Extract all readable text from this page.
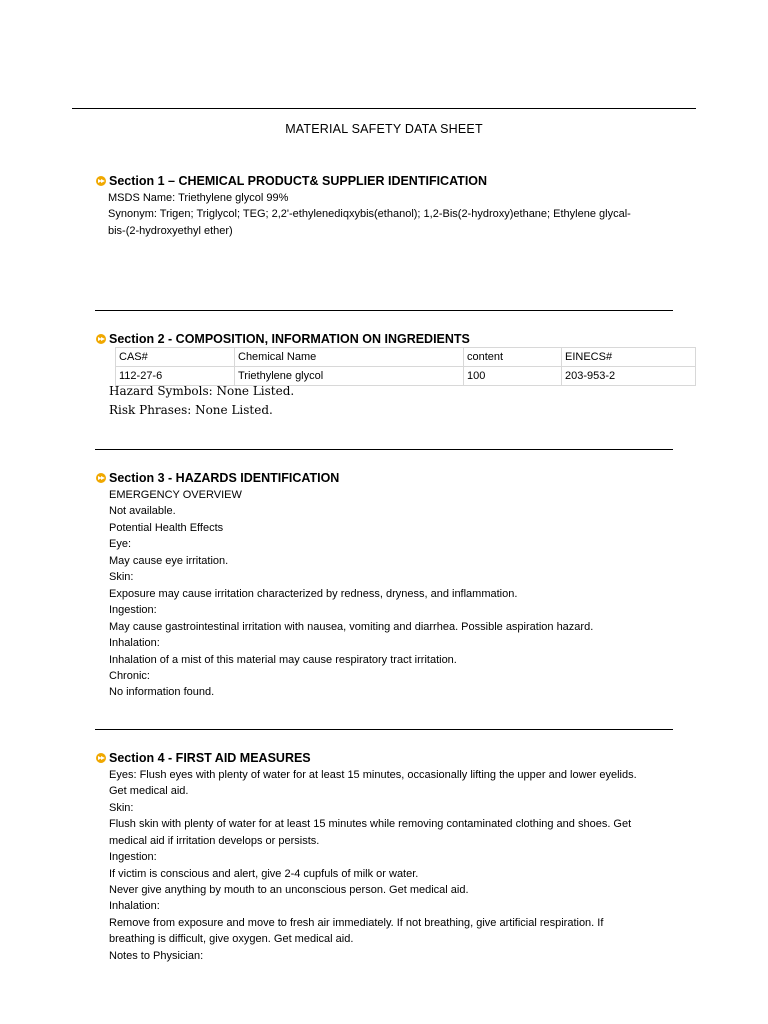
MATERIAL SAFETY DATA SHEET
Section 1 – CHEMICAL PRODUCT& SUPPLIER IDENTIFICATION
MSDS Name: Triethylene glycol 99%
Synonym: Trigen; Triglycol; TEG; 2,2'-ethylenediqxybis(ethanol); 1,2-Bis(2-hydroxy)ethane; Ethylene glycal-
bis-(2-hydroxyethyl ether)
Section 2 - COMPOSITION, INFORMATION ON INGREDIENTS
CAS#	Chemical Name	content	EINECS#
112-27-6	Triethylene glycol	100	203-953-2
Hazard Symbols: None Listed.
Risk Phrases: None Listed.
Section 3 - HAZARDS IDENTIFICATION
EMERGENCY OVERVIEW
Not available.
Potential Health Effects
Eye:
May cause eye irritation.
Skin:
Exposure may cause irritation characterized by redness, dryness, and inflammation.
Ingestion:
May cause gastrointestinal irritation with nausea, vomiting and diarrhea. Possible aspiration hazard.
Inhalation:
Inhalation of a mist of this material may cause respiratory tract irritation.
Chronic:
No information found.
Section 4 - FIRST AID MEASURES
Eyes: Flush eyes with plenty of water for at least 15 minutes, occasionally lifting the upper and lower eyelids.
Get medical aid.
Skin:
Flush skin with plenty of water for at least 15 minutes while removing contaminated clothing and shoes. Get
medical aid if irritation develops or persists.
Ingestion:
If victim is conscious and alert, give 2-4 cupfuls of milk or water.
Never give anything by mouth to an unconscious person. Get medical aid.
Inhalation:
Remove from exposure and move to fresh air immediately. If not breathing, give artificial respiration. If
breathing is difficult, give oxygen. Get medical aid.
Notes to Physician:
